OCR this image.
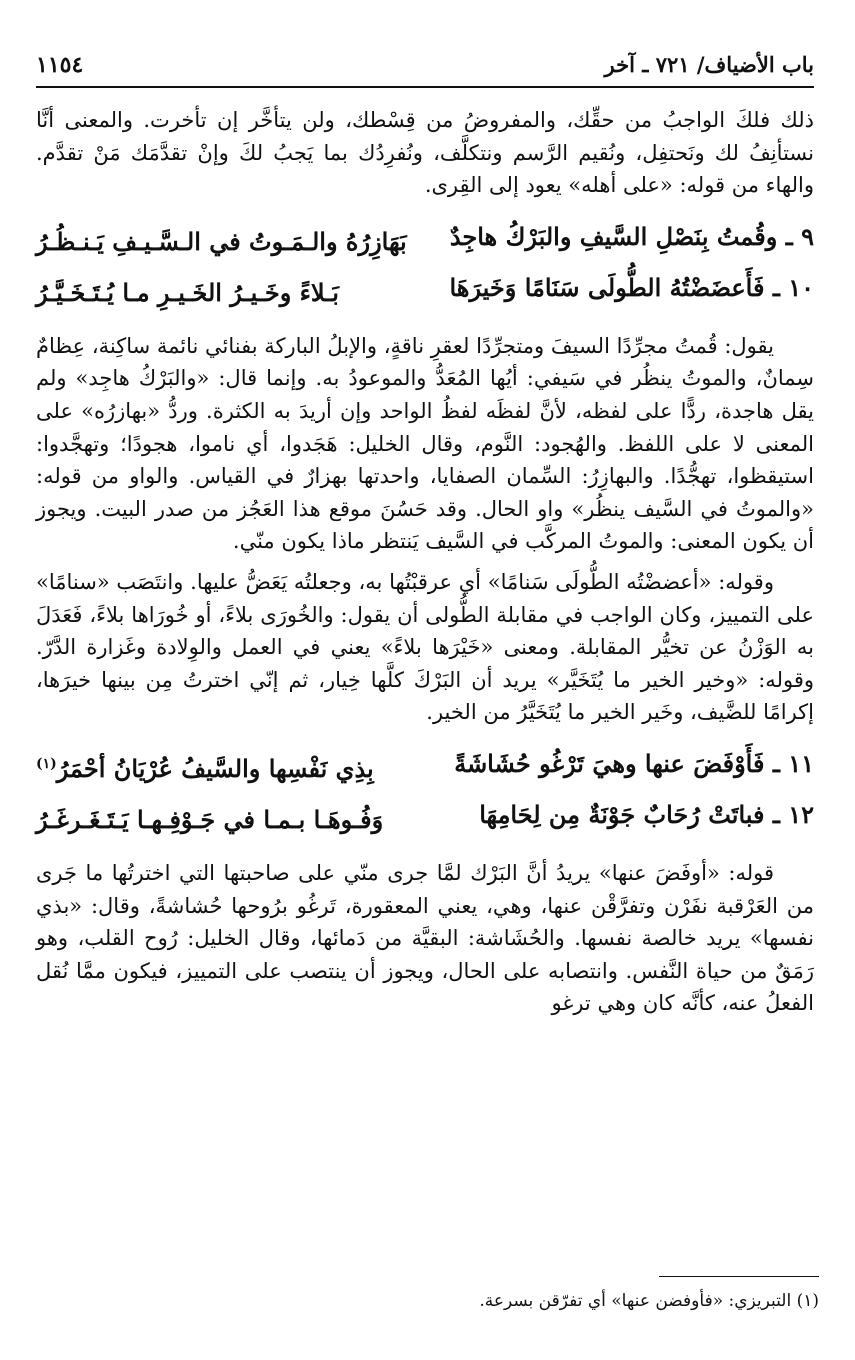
باب الأضياف/ ٧٢١ ـ آخر
١١٥٤

ذلك فلكَ الواجبُ من حقِّك، والمفروضُ من قِسْطك، ولن يتأخَّر إن تأخرت. والمعنى أنَّا نستأنِفُ لك ونَحتفِل، ونُقيم الرَّسم ونتكلَّف، ونُفرِدُك بما يَجبُ لكَ وإنْ تقدَّمَك مَنْ تقدَّم. والهاء من قوله: «على أهله» يعود إلى القِرى.

٩ ـ وقُمتُ بِنَصْلِ السَّيفِ والبَرْكُ هاجِدٌ
بَهَازِرُهُ والـمَـوتُ في الـسَّـيـفِ يَـنـظُـرُ
١٠ ـ فَأَعضَضْتُهُ الطُّولَى سَنَامًا وَخَيرَهَا
بَـلاءً وخَـيـرُ الخَـيـرِ مـا يُـتَـخَـيَّـرُ

يقول: قُمتُ مجرِّدًا السيفَ ومتجرِّدًا لعقرِ ناقةٍ، والإبلُ الباركة بفنائي نائمة ساكِنة، عِظامٌ سِمانٌ، والموتُ ينظُر في سَيفي: أيُها المُعَدُّ والموعودُ به. وإنما قال: «والبَرْكُ هاجِد» ولم يقل هاجدة، ردًّا على لفظه، لأنَّ لفظَه لفظُ الواحد وإن أريدَ به الكثرة. وردُّ «بهازرُه» على المعنى لا على اللفظ. والهُجود: النَّوم، وقال الخليل: هَجَدوا، أي ناموا، هجودًا؛ وتهجَّدوا: استيقظوا، تهجُّدًا. والبهازِرُ: السِّمان الصفايا، واحدتها بهزارٌ في القياس. والواو من قوله: «والموتُ في السَّيف ينظُر» واو الحال. وقد حَسُنَ موقع هذا العَجُز من صدر البيت. ويجوز أن يكون المعنى: والموتُ المركَّب في السَّيف يَنتظر ماذا يكون منّي.

وقوله: «أعضضْتُه الطُّولَى سَنامًا» أي عرقبْتُها به، وجعلتُه يَعَضُّ عليها. وانتَصَب «سنامًا» على التمييز، وكان الواجب في مقابلة الطُّولى أن يقول: والخُورَى بلاءً، أو خُورَاها بلاءً، فَعَدَلَ به الوَزْنُ عن تخيُّر المقابلة. ومعنى «خَيْرَها بلاءً» يعني في العمل والوِلادة وغَزارة الدَّرّ. وقوله: «وخير الخير ما يُتَخَيَّر» يريد أن البَرْكَ كلَّها خِيار، ثم إنّي اخترتُ مِن بينها خيرَها، إكرامًا للضَّيف، وخَير الخير ما يُتَخَيَّرُ من الخير.

١١ ـ فَأَوْفَضَ عنها وهيَ تَرْغُو حُشَاشَةً
بِذِي نَفْسِها والسَّيفُ عُرْيَانُ أحْمَرُ$^{(١)}$
١٢ ـ فباتَتْ رُحَابٌ جَوْنَةٌ مِن لِحَامِهَا
وَفُـوهَـا بـمـا في جَـوْفِـهـا يَـتَـغَـرغَـرُ

قوله: «أوفَضَ عنها» يريدُ أنَّ البَرْك لمَّا جرى منّي على صاحبتها التي اخترتُها ما جَرى من العَرْقبة نفَرْن وتفرَّقْن عنها، وهي، يعني المعقورة، تَرغُو برُوحها حُشاشةً، وقال: «بذي نفسها» يريد خالصة نفسها. والحُشَاشة: البقيَّة من دَمائها، وقال الخليل: رُوح القلب، وهو رَمَقٌ من حياة النَّفس. وانتصابه على الحال، ويجوز أن ينتصب على التمييز، فيكون ممَّا نُقل الفعلُ عنه، كأنَّه كان وهي ترغو

(١) التبريزي: «فأوفضن عنها» أي تفرّقن بسرعة.
